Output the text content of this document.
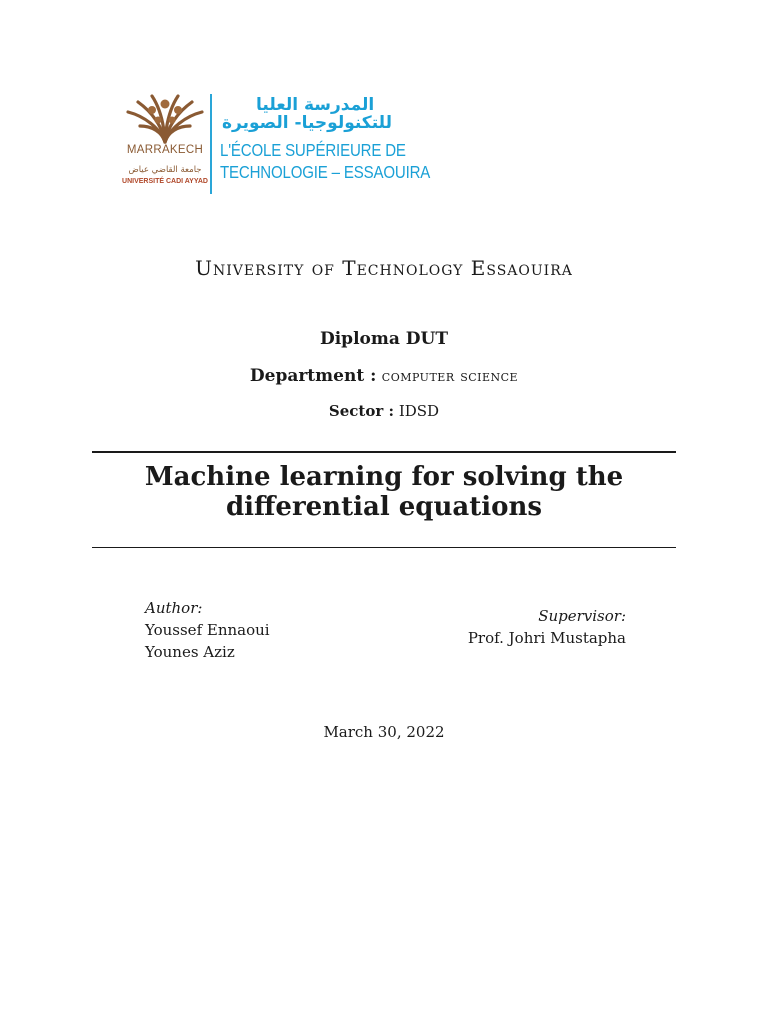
MARRAKECH
جامعة القاضي عياض
UNIVERSITÉ CADI AYYAD
المدرسة العليا
للتكنولوجيا- الصويرة
L'ÉCOLE SUPÉRIEURE DE
TECHNOLOGIE – ESSAOUIRA
University of Technology Essaouira
Diploma DUT
Department : computer science
Sector : IDSD
Machine learning for solving the
differential equations
Author:
Youssef Ennaoui
Younes Aziz
Supervisor:
Prof. Johri Mustapha
March 30, 2022
